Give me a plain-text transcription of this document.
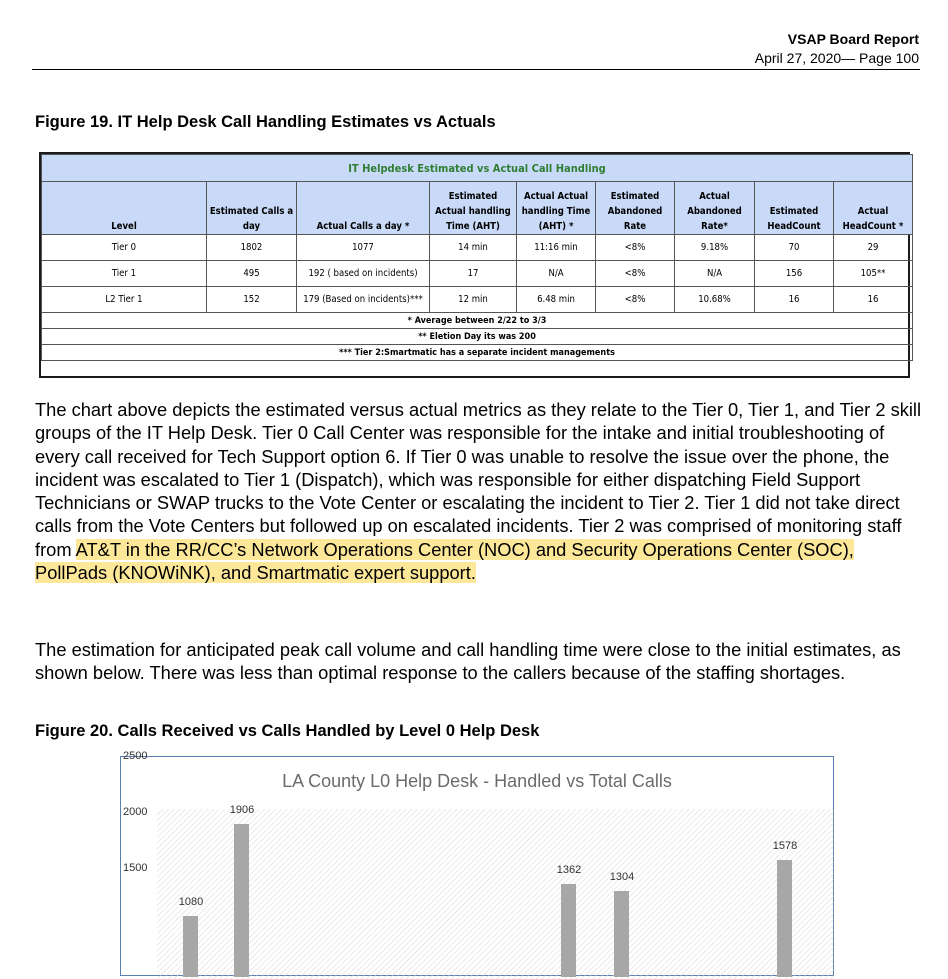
VSAP Board Report
April 27, 2020— Page 100
Figure 19. IT Help Desk Call Handling Estimates vs Actuals
IT Helpdesk Estimated vs Actual Call Handling								
Level	Estimated Calls a day	Actual Calls a day *	Estimated Actual handling Time (AHT)	Actual Actual handling Time (AHT) *	Estimated Abandoned Rate	Actual Abandoned Rate*	Estimated HeadCount	Actual HeadCount *
Tier 0	1802	1077	14 min	11:16 min	<8%	9.18%	70	29
Tier 1	495	192 ( based on incidents)	17	N/A	<8%	N/A	156	105**
L2 Tier 1	152	179 (Based on incidents)***	12 min	6.48 min	<8%	10.68%	16	16
* Average between 2/22 to 3/3								
** Eletion Day its was 200								
*** Tier 2:Smartmatic has a separate incident managements								
The chart above depicts the estimated versus actual metrics as they relate to the Tier 0, Tier 1, and Tier 2 skill groups of the IT Help Desk. Tier 0 Call Center was responsible for the intake and initial troubleshooting of every call received for Tech Support option 6. If Tier 0 was unable to resolve the issue over the phone, the incident was escalated to Tier 1 (Dispatch), which was responsible for either dispatching Field Support Technicians or SWAP trucks to the Vote Center or escalating the incident to Tier 2. Tier 1 did not take direct calls from the Vote Centers but followed up on escalated incidents. Tier 2 was comprised of monitoring staff from AT&T in the RR/CC’s Network Operations Center (NOC) and Security Operations Center (SOC), PollPads (KNOWiNK), and Smartmatic expert support.
The estimation for anticipated peak call volume and call handling time were close to the initial estimates, as shown below. There was less than optimal response to the callers because of the staffing shortages.
Figure 20. Calls Received vs Calls Handled by Level 0 Help Desk
LA County L0 Help Desk - Handled vs Total Calls
2500
2000
1500
1080
1906
1362
1304
1578
